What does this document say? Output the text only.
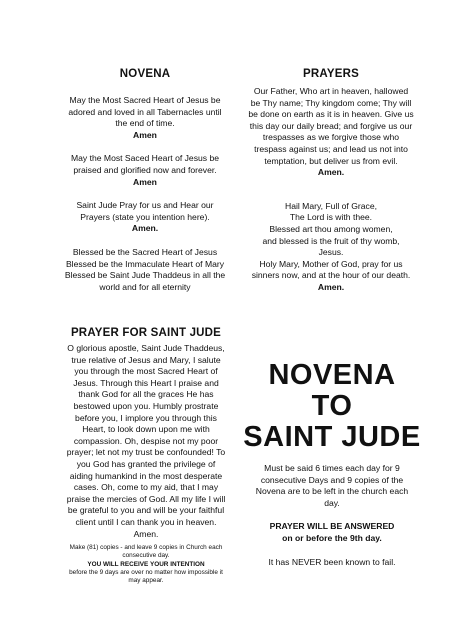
NOVENA

May the Most Sacred Heart of Jesus be

adored and loved in all Tabernacles until

the end of time.

Amen

May the Most Saced Heart of Jesus be

praised and glorified now and forever.

Amen

Saint Jude Pray for us and Hear our

Prayers (state you intention here).

Amen.

Blessed be the Sacred Heart of Jesus

Blessed be the Immaculate Heart of Mary

Blessed be Saint Jude Thaddeus in all the

world and for all eternity

PRAYERS

Our Father, Who art in heaven, hallowed

be Thy name; Thy kingdom come; Thy will

be done on earth as it is in heaven. Give us

this day our daily bread; and forgive us our

trespasses as we forgive those who

trespass against us; and lead us not into

temptation, but deliver us from evil.

Amen.

Hail Mary, Full of Grace,

The Lord is with thee.

Blessed art thou among women,

and blessed is the fruit of thy womb,

Jesus.

Holy Mary, Mother of God, pray for us

sinners now, and at the hour of our death.

Amen.

PRAYER FOR SAINT JUDE

O glorious apostle, Saint Jude Thaddeus,

true relative of Jesus and Mary, I salute

you through the most Sacred Heart of

Jesus. Through this Heart I praise and

thank God for all the graces He has

bestowed upon you. Humbly prostrate

before you, I implore you through this

Heart, to look down upon me with

compassion. Oh, despise not my poor

prayer; let not my trust be confounded! To

you God has granted the privilege of

aiding humankind in the most desperate

cases. Oh, come to my aid, that I may

praise the mercies of God. All my life I will

be grateful to you and will be your faithful

client until I can thank you in heaven.

Amen.

Make (81) copies - and leave 9 copies in Church each

consecutive day.

YOU WILL RECEIVE YOUR INTENTION

before the 9 days are over no matter how impossible it

may appear.

NOVENA
TO
SAINT JUDE

Must be said 6 times each day for 9

consecutive Days and 9 copies of the

Novena are to be left in the church each

day.

PRAYER WILL BE ANSWERED

on or before the 9th day.

It has NEVER been known to fail.
